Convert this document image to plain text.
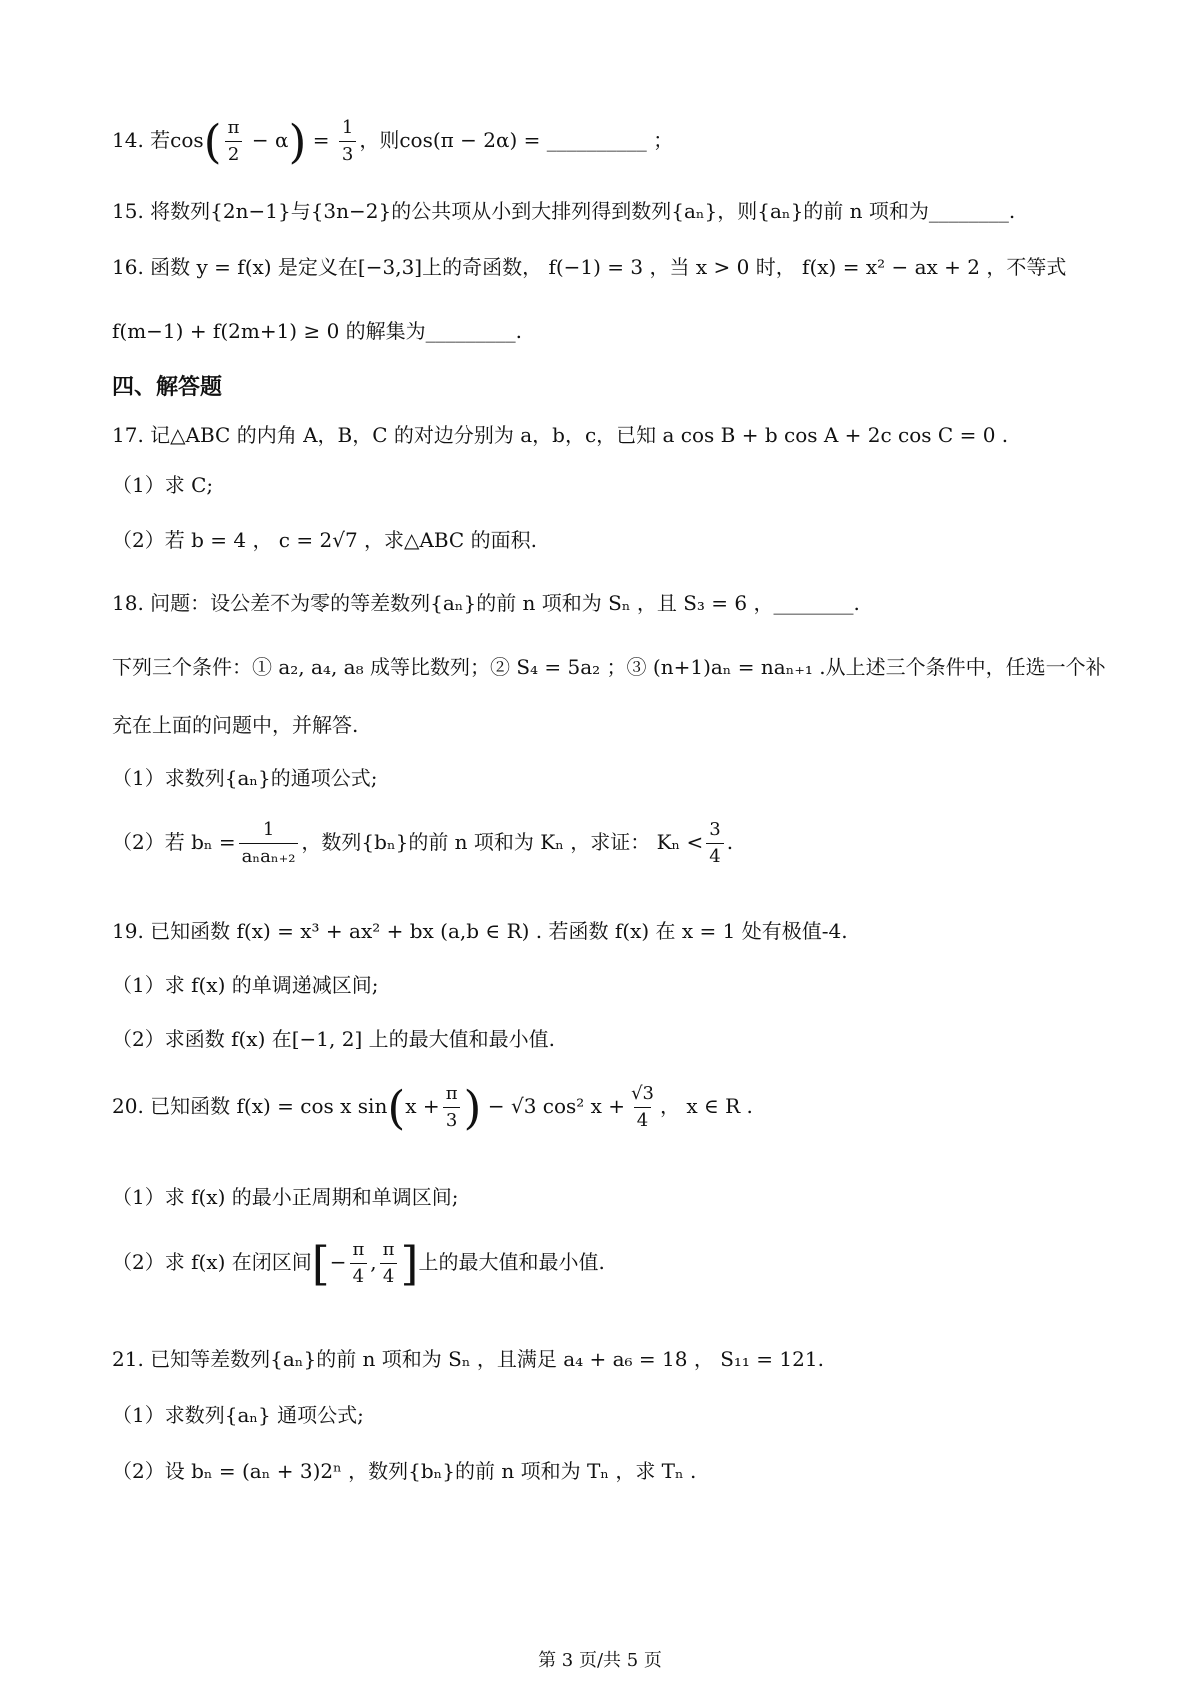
14. 若$\cos( \frac{\pi}{2} - \alpha) = \frac{1}{3}$ ，则cos(π − 2α) = __________ ；
15. 将数列{2n−1}与{3n−2}的公共项从小到大排列得到数列{aₙ}，则{aₙ}的前 n 项和为________.
16. 函数 y = f(x) 是定义在[−3,3]上的奇函数， f(−1) = 3 ，当 x > 0 时， f(x) = x² − ax + 2 ，不等式
f(m−1) + f(2m+1) ≥ 0 的解集为_________.
四、解答题
17. 记△ABC 的内角 A，B，C 的对边分别为 a，b，c，已知 a cos B + b cos A + 2c cos C = 0 .
（1）求 C;
（2）若 b = 4 ， c = 2√7 ，求△ABC 的面积.
18. 问题：设公差不为零的等差数列{aₙ}的前 n 项和为 Sₙ ，且 S₃ = 6 ，________.
下列三个条件：① a₂, a₄, a₈ 成等比数列；② S₄ = 5a₂ ；③ (n+1)aₙ = naₙ₊₁ .从上述三个条件中，任选一个补
充在上面的问题中，并解答.
（1）求数列{aₙ}的通项公式;
（2）若 $b_n = \frac{1}{\text{aₙaₙ₊₂}}$ ，数列{bₙ}的前 n 项和为 Kₙ ，求证： $K_n < \frac{3}{4}$ .
19. 已知函数 f(x) = x³ + ax² + bx (a,b ∈ R) . 若函数 f(x) 在 x = 1 处有极值-4.
（1）求 f(x) 的单调递减区间;
（2）求函数 f(x) 在[−1, 2] 上的最大值和最小值.
20. 已知函数 f(x) = cos x $\sin(x + \frac{\pi}{3}$ ) − √3 cos² $x + \frac{√3}{4}$ ， x ∈ R .
（1）求 f(x) 的最小正周期和单调区间;
（2）求 f(x) 在闭区间[− $\frac{\pi}{4}$ , $\frac{\pi}{4}$ ]上的最大值和最小值.
21. 已知等差数列{aₙ}的前 n 项和为 Sₙ ，且满足 a₄ + a₆ = 18 ， S₁₁ = 121.
（1）求数列{aₙ} 通项公式;
（2）设 bₙ = (aₙ + 3)2ⁿ ，数列{bₙ}的前 n 项和为 Tₙ ，求 Tₙ .
第 3 页/共 5 页
